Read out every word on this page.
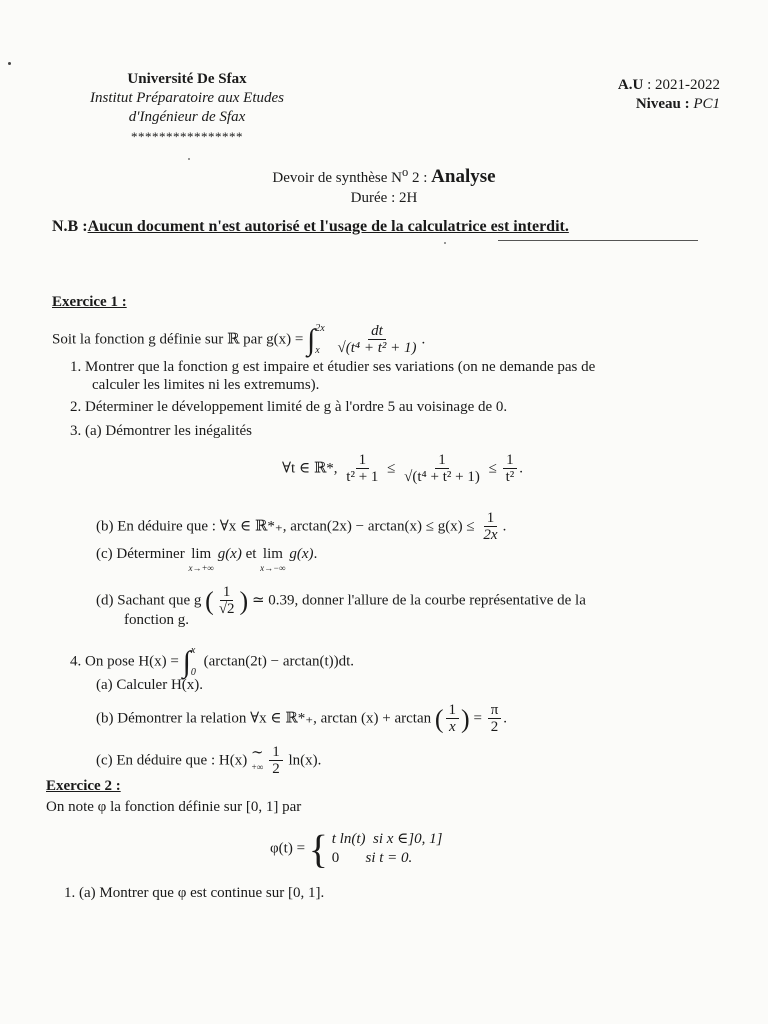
Université De Sfax
Institut Préparatoire aux Etudes
d'Ingénieur de Sfax
****************
A.U : 2021-2022
Niveau : PC1
Devoir de synthèse $N^o$ 2 : Analyse
Durée : 2H
N.B :Aucun document n'est autorisé et l'usage de la calculatrice est interdit.
Exercice 1 :
Soit la fonction g définie sur ℝ par g(x) = ∫ 2x
x
$\frac{dt}{\text{√(t⁴ + t² + 1)}}$ .
1. Montrer que la fonction g est impaire et étudier ses variations (on ne demande pas de
calculer les limites ni les extremums).
2. Déterminer le développement limité de g à l'ordre 5 au voisinage de 0.
3. (a) Démontrer les inégalités
∀t ∈ ℝ*, $\frac{1}{\text{t² + 1}} \le \frac{1}{\text{√(t⁴ + t² + 1)}} \le \frac{1}{\text{t²}}$ .
(b) En déduire que : ∀x ∈ ℝ*₊, $\arctan(2x) - \arctan(x) \le g(x) \le \frac{1}{2x}$ .
(c) Déterminer lim
x→+∞
g(x) et lim
x→−∞
g(x).
(d) Sachant que g ( $\frac{1}{√2}$ ) ≃ 0.39, donner l'allure de la courbe représentative de la
fonction g.
4. On pose H(x) = ∫ x
0
(arctan(2t) − arctan(t))dt.
(a) Calculer H(x).
(b) Démontrer la relation ∀x ∈ ℝ*₊, arctan (x) + arctan ( $\frac{1}{x}$ ) = $\frac{\pi}{2}$ .
(c) En déduire que : H(x) ∼
+∞
$\frac{1}{2} \ln(x)$.
Exercice 2 :
On note φ la fonction définie sur [0, 1] par
φ(t) = { t ln(t) si x ∈]0, 1]
0 si t = 0.
1. (a) Montrer que φ est continue sur [0, 1].
